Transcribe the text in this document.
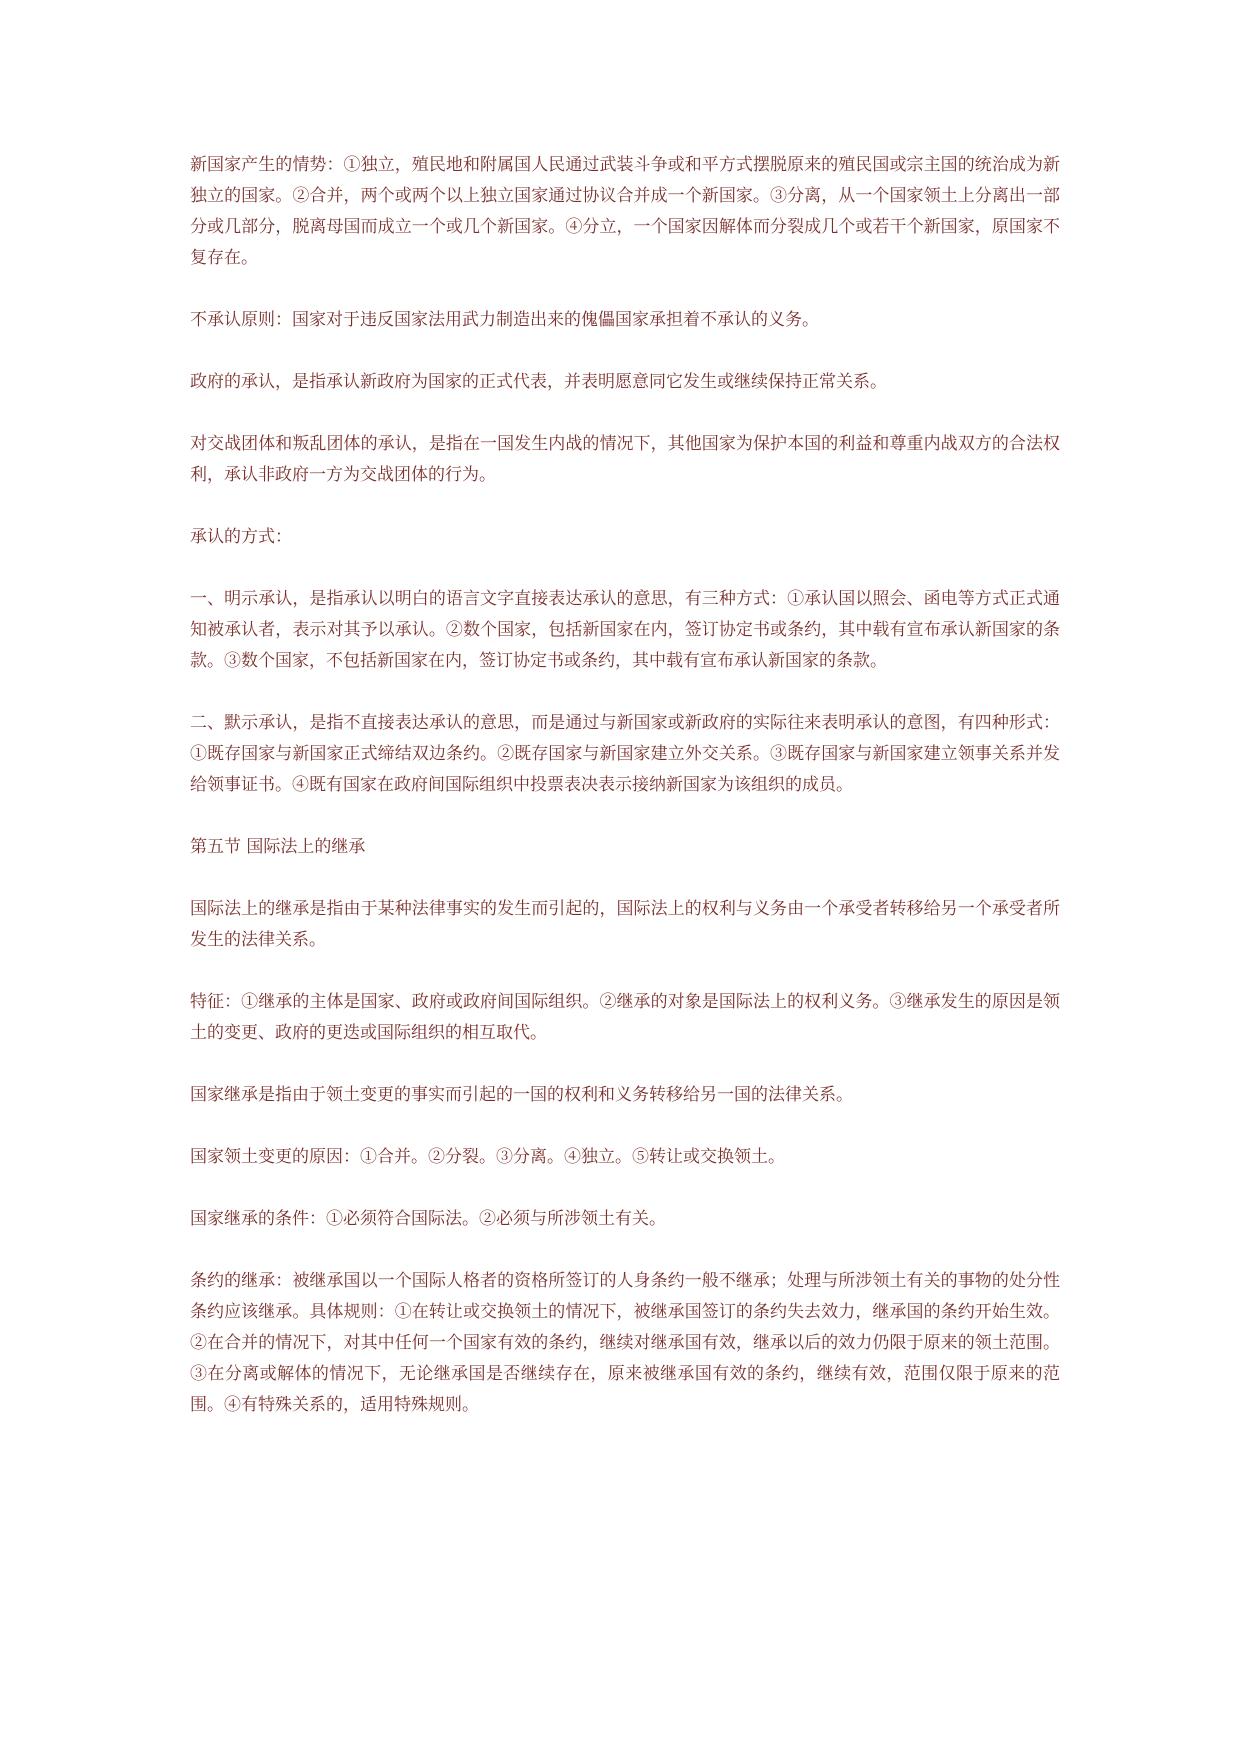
新国家产生的情势：①独立，殖民地和附属国人民通过武装斗争或和平方式摆脱原来的殖民国或宗主国的统治成为新独立的国家。②合并，两个或两个以上独立国家通过协议合并成一个新国家。③分离，从一个国家领土上分离出一部分或几部分，脱离母国而成立一个或几个新国家。④分立，一个国家因解体而分裂成几个或若干个新国家，原国家不复存在。

不承认原则：国家对于违反国家法用武力制造出来的傀儡国家承担着不承认的义务。

政府的承认，是指承认新政府为国家的正式代表，并表明愿意同它发生或继续保持正常关系。

对交战团体和叛乱团体的承认，是指在一国发生内战的情况下，其他国家为保护本国的利益和尊重内战双方的合法权利，承认非政府一方为交战团体的行为。

承认的方式：

一、明示承认，是指承认以明白的语言文字直接表达承认的意思，有三种方式：①承认国以照会、函电等方式正式通知被承认者，表示对其予以承认。②数个国家，包括新国家在内，签订协定书或条约，其中载有宣布承认新国家的条款。③数个国家，不包括新国家在内，签订协定书或条约，其中载有宣布承认新国家的条款。

二、默示承认，是指不直接表达承认的意思，而是通过与新国家或新政府的实际往来表明承认的意图，有四种形式：①既存国家与新国家正式缔结双边条约。②既存国家与新国家建立外交关系。③既存国家与新国家建立领事关系并发给领事证书。④既有国家在政府间国际组织中投票表决表示接纳新国家为该组织的成员。

第五节 国际法上的继承

国际法上的继承是指由于某种法律事实的发生而引起的，国际法上的权利与义务由一个承受者转移给另一个承受者所发生的法律关系。

特征：①继承的主体是国家、政府或政府间国际组织。②继承的对象是国际法上的权利义务。③继承发生的原因是领土的变更、政府的更迭或国际组织的相互取代。

国家继承是指由于领土变更的事实而引起的一国的权利和义务转移给另一国的法律关系。

国家领土变更的原因：①合并。②分裂。③分离。④独立。⑤转让或交换领土。

国家继承的条件：①必须符合国际法。②必须与所涉领土有关。

条约的继承：被继承国以一个国际人格者的资格所签订的人身条约一般不继承；处理与所涉领土有关的事物的处分性条约应该继承。具体规则：①在转让或交换领土的情况下，被继承国签订的条约失去效力，继承国的条约开始生效。②在合并的情况下，对其中任何一个国家有效的条约，继续对继承国有效，继承以后的效力仍限于原来的领土范围。③在分离或解体的情况下，无论继承国是否继续存在，原来被继承国有效的条约，继续有效，范围仅限于原来的范围。④有特殊关系的，适用特殊规则。
